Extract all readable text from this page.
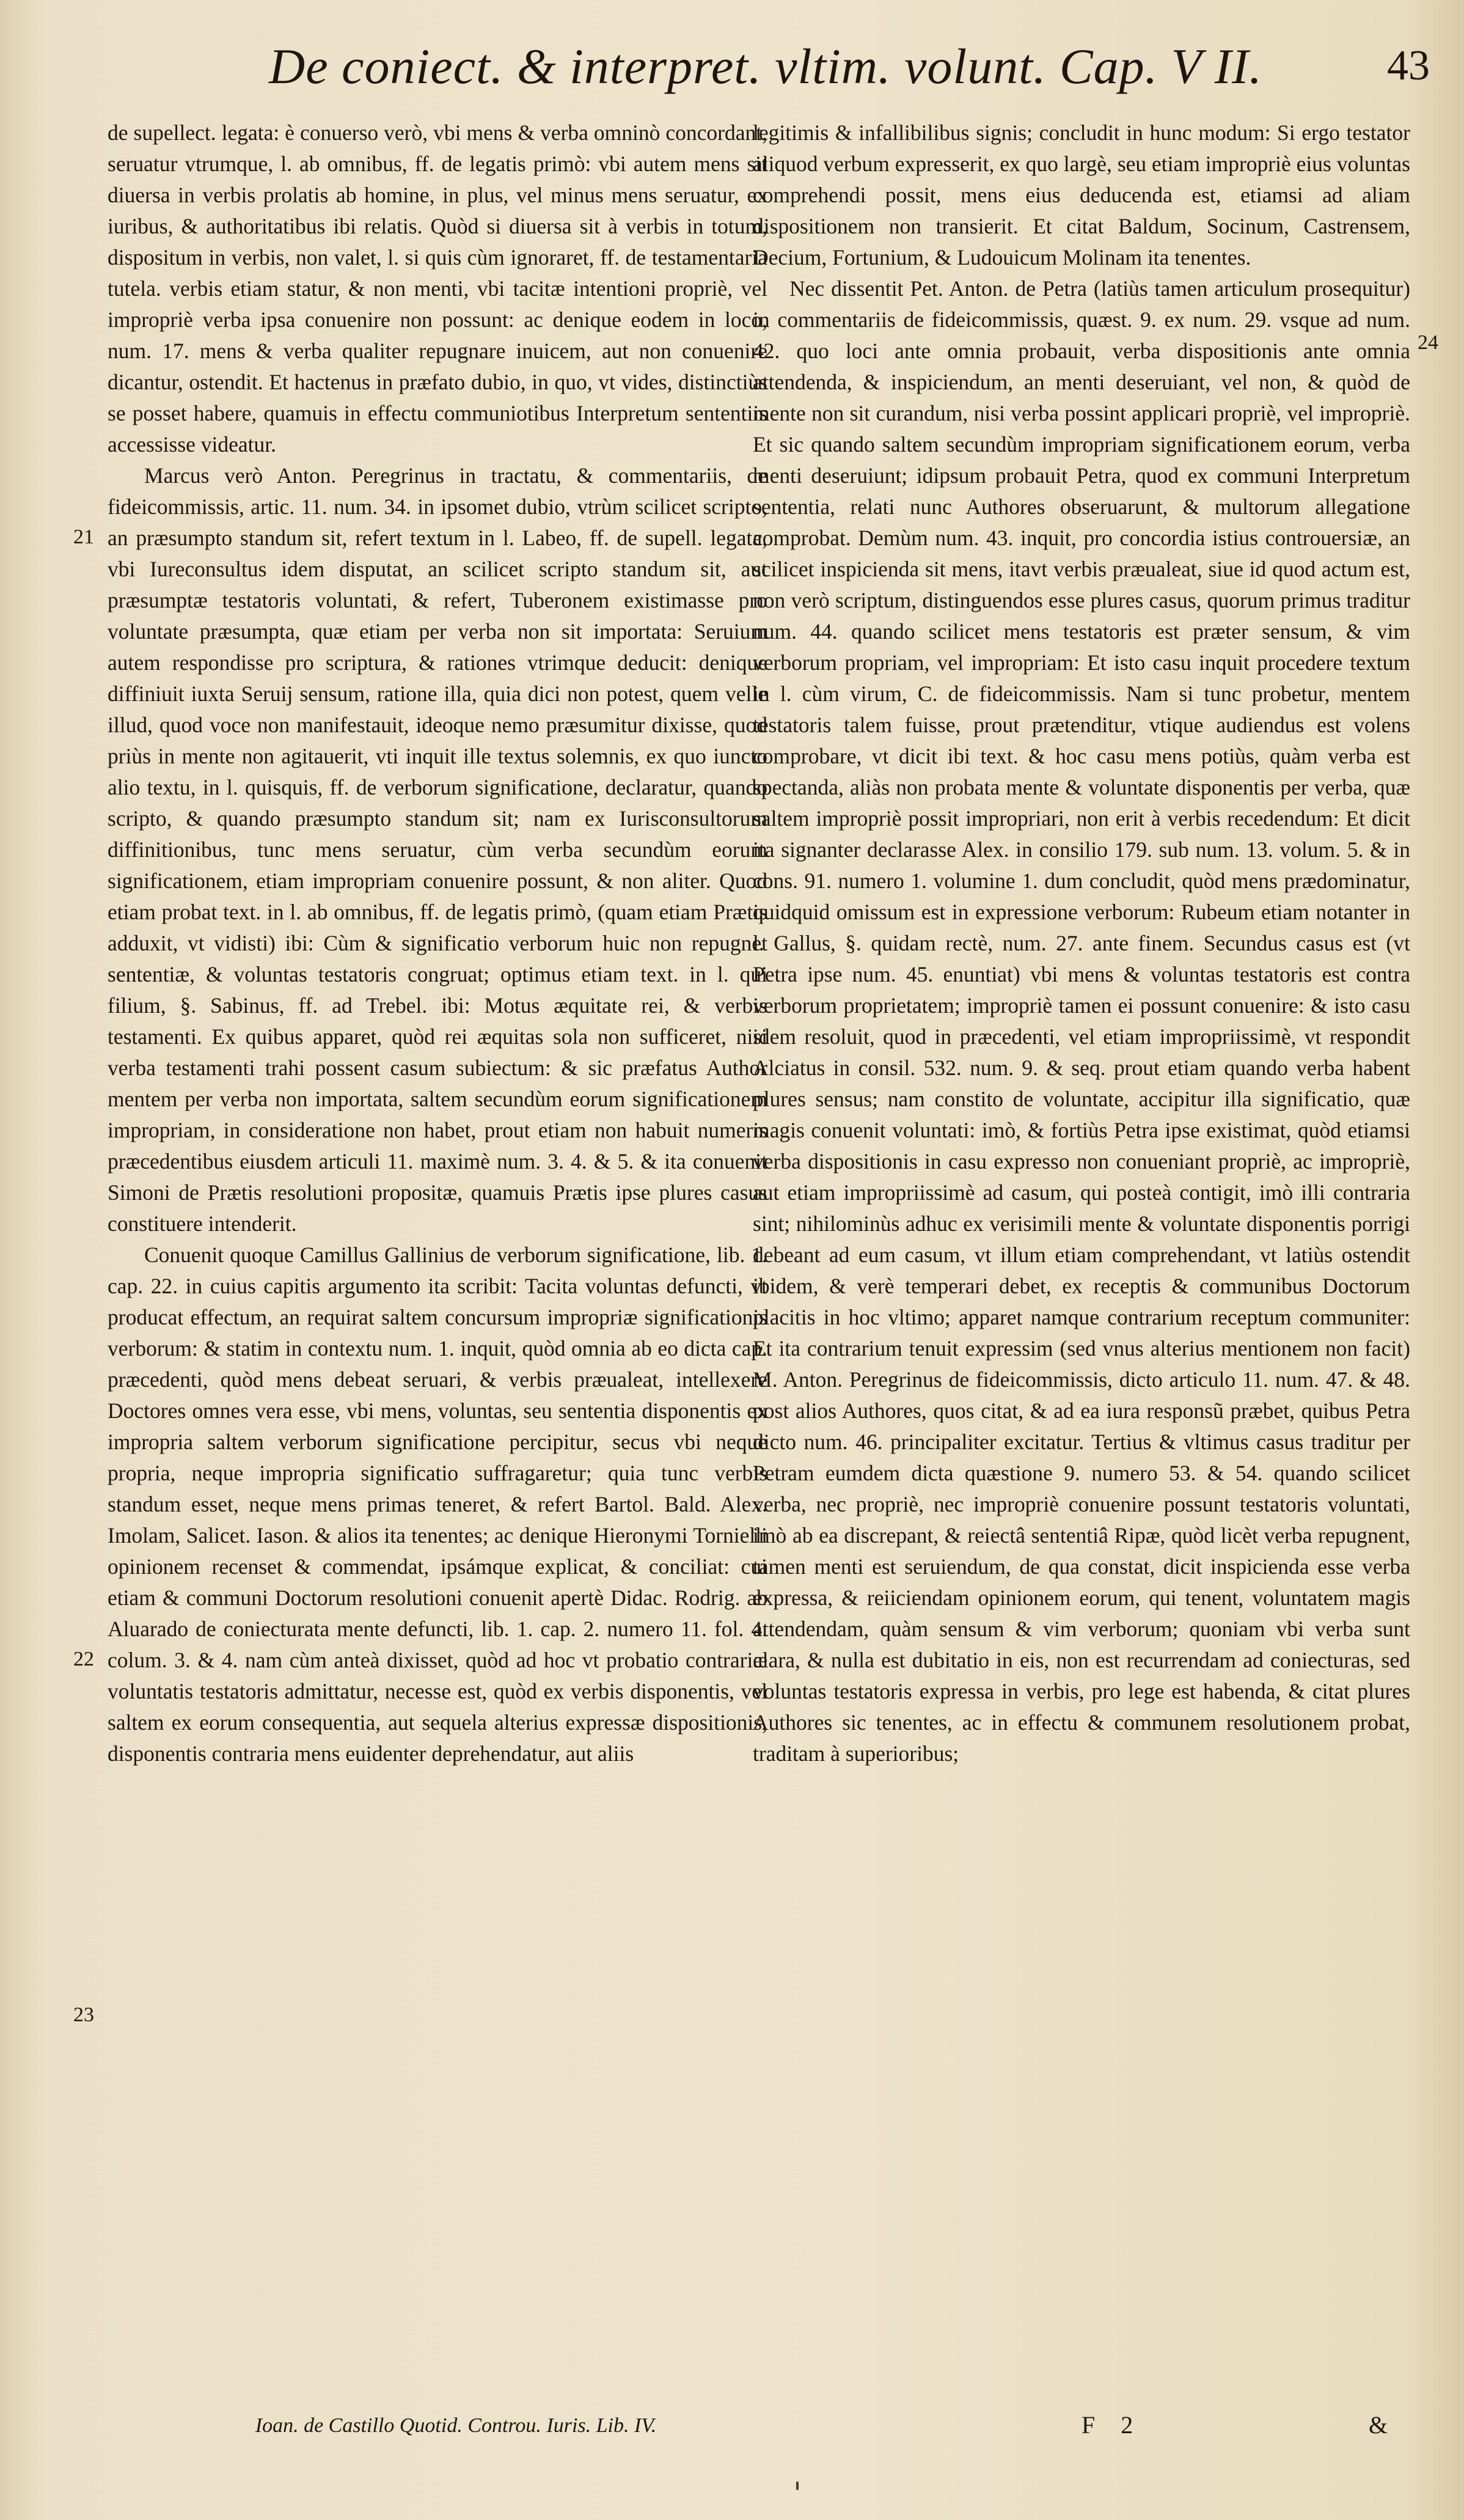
De coniect. & interpret. vltim. volunt. Cap. V II.	43
21
22
23
24

de supellect. legata: è conuerso verò, vbi mens & verba omninò concordant, seruatur vtrumque, l. ab omnibus, ff. de legatis primò: vbi autem mens sit diuersa in verbis prolatis ab homine, in plus, vel minus mens seruatur, ex iuribus, & authoritatibus ibi relatis. Quòd si diuersa sit à verbis in totum, dispositum in verbis, non valet, l. si quis cùm ignoraret, ff. de testamentaria tutela. verbis etiam statur, & non menti, vbi tacitæ intentioni propriè, vel impropriè verba ipsa conuenire non possunt: ac denique eodem in loco, num. 17. mens & verba qualiter repugnare inuicem, aut non conuenire dicantur, ostendit. Et hactenus in præfato dubio, in quo, vt vides, distinctiùs se posset habere, quamuis in effectu communiotibus Interpretum sententiis accessisse videatur.

Marcus verò Anton. Peregrinus in tractatu, & commentariis, de fideicommissis, artic. 11. num. 34. in ipsomet dubio, vtrùm scilicet scripto, an præsumpto standum sit, refert textum in l. Labeo, ff. de supell. legata, vbi Iureconsultus idem disputat, an scilicet scripto standum sit, aut præsumptæ testatoris voluntati, & refert, Tuberonem existimasse pro voluntate præsumpta, quæ etiam per verba non sit importata: Seruium autem respondisse pro scriptura, & rationes vtrimque deducit: denique diffiniuit iuxta Seruij sensum, ratione illa, quia dici non potest, quem velle illud, quod voce non manifestauit, ideoque nemo præsumitur dixisse, quod priùs in mente non agitauerit, vti inquit ille textus solemnis, ex quo iuncto alio textu, in l. quisquis, ff. de verborum significatione, declaratur, quando scripto, & quando præsumpto standum sit; nam ex Iurisconsultorum diffinitionibus, tunc mens seruatur, cùm verba secundùm eorum significationem, etiam impropriam conuenire possunt, & non aliter. Quod etiam probat text. in l. ab omnibus, ff. de legatis primò, (quam etiam Prætis adduxit, vt vidisti) ibi: Cùm & significatio verborum huic non repugnet sententiæ, & voluntas testatoris congruat; optimus etiam text. in l. qui filium, §. Sabinus, ff. ad Trebel. ibi: Motus æquitate rei, & verbis testamenti. Ex quibus apparet, quòd rei æquitas sola non sufficeret, nisi verba testamenti trahi possent casum subiectum: & sic præfatus Author mentem per verba non importata, saltem secundùm eorum significationem impropriam, in consideratione non habet, prout etiam non habuit numeris præcedentibus eiusdem articuli 11. maximè num. 3. 4. & 5. & ita conuenit Simoni de Prætis resolutioni propositæ, quamuis Prætis ipse plures casus constituere intenderit.

Conuenit quoque Camillus Gallinius de verborum significatione, lib. 1. cap. 22. in cuius capitis argumento ita scribit: Tacita voluntas defuncti, vt producat effectum, an requirat saltem concursum impropriæ significationis verborum: & statim in contextu num. 1. inquit, quòd omnia ab eo dicta cap. præcedenti, quòd mens debeat seruari, & verbis præualeat, intellexere Doctores omnes vera esse, vbi mens, voluntas, seu sententia disponentis ex impropria saltem verborum significatione percipitur, secus vbi neque propria, neque impropria significatio suffragaretur; quia tunc verbis standum esset, neque mens primas teneret, & refert Bartol. Bald. Alex. Imolam, Salicet. Iason. & alios ita tenentes; ac denique Hieronymi Tornielli opinionem recenset & commendat, ipsámque explicat, & conciliat: cui etiam & communi Doctorum resolutioni conuenit apertè Didac. Rodrig. ab Aluarado de coniecturata mente defuncti, lib. 1. cap. 2. numero 11. fol. 4. colum. 3. & 4. nam cùm anteà dixisset, quòd ad hoc vt probatio contrariæ voluntatis testatoris admittatur, necesse est, quòd ex verbis disponentis, vel saltem ex eorum consequentia, aut sequela alterius expressæ dispositionis, disponentis contraria mens euidenter deprehendatur, aut aliis

legitimis & infallibilibus signis; concludit in hunc modum: Si ergo testator aliquod verbum expresserit, ex quo largè, seu etiam impropriè eius voluntas comprehendi possit, mens eius deducenda est, etiamsi ad aliam dispositionem non transierit. Et citat Baldum, Socinum, Castrensem, Decium, Fortunium, & Ludouicum Molinam ita tenentes.

Nec dissentit Pet. Anton. de Petra (latiùs tamen articulum prosequitur) in commentariis de fideicommissis, quæst. 9. ex num. 29. vsque ad num. 42. quo loci ante omnia probauit, verba dispositionis ante omnia attendenda, & inspiciendum, an menti deseruiant, vel non, & quòd de mente non sit curandum, nisi verba possint applicari propriè, vel impropriè. Et sic quando saltem secundùm impropriam significationem eorum, verba menti deseruiunt; idipsum probauit Petra, quod ex communi Interpretum sententia, relati nunc Authores obseruarunt, & multorum allegatione comprobat. Demùm num. 43. inquit, pro concordia istius controuersiæ, an scilicet inspicienda sit mens, itavt verbis præualeat, siue id quod actum est, non verò scriptum, distinguendos esse plures casus, quorum primus traditur num. 44. quando scilicet mens testatoris est præter sensum, & vim verborum propriam, vel impropriam: Et isto casu inquit procedere textum in l. cùm virum, C. de fideicommissis. Nam si tunc probetur, mentem testatoris talem fuisse, prout prætenditur, vtique audiendus est volens comprobare, vt dicit ibi text. & hoc casu mens potiùs, quàm verba est spectanda, aliàs non probata mente & voluntate disponentis per verba, quæ saltem impropriè possit impropriari, non erit à verbis recedendum: Et dicit ita signanter declarasse Alex. in consilio 179. sub num. 13. volum. 5. & in cons. 91. numero 1. volumine 1. dum concludit, quòd mens prædominatur, quidquid omissum est in expressione verborum: Rubeum etiam notanter in l. Gallus, §. quidam rectè, num. 27. ante finem. Secundus casus est (vt Petra ipse num. 45. enuntiat) vbi mens & voluntas testatoris est contra verborum proprietatem; impropriè tamen ei possunt conuenire: & isto casu idem resoluit, quod in præcedenti, vel etiam impropriissimè, vt respondit Alciatus in consil. 532. num. 9. & seq. prout etiam quando verba habent plures sensus; nam constito de voluntate, accipitur illa significatio, quæ magis conuenit voluntati: imò, & fortiùs Petra ipse existimat, quòd etiamsi verba dispositionis in casu expresso non conueniant propriè, ac impropriè, aut etiam impropriissimè ad casum, qui posteà contigit, imò illi contraria sint; nihilominùs adhuc ex verisimili mente & voluntate disponentis porrigi debeant ad eum casum, vt illum etiam comprehendant, vt latiùs ostendit ibidem, & verè temperari debet, ex receptis & communibus Doctorum placitis in hoc vltimo; apparet namque contrarium receptum communiter: Et ita contrarium tenuit expressim (sed vnus alterius mentionem non facit) M. Anton. Peregrinus de fideicommissis, dicto articulo 11. num. 47. & 48. post alios Authores, quos citat, & ad ea iura responsũ præbet, quibus Petra dicto num. 46. principaliter excitatur. Tertius & vltimus casus traditur per Petram eumdem dicta quæstione 9. numero 53. & 54. quando scilicet verba, nec propriè, nec impropriè conuenire possunt testatoris voluntati, imò ab ea discrepant, & reiectâ sententiâ Ripæ, quòd licèt verba repugnent, tamen menti est seruiendum, de qua constat, dicit inspicienda esse verba expressa, & reiiciendam opinionem eorum, qui tenent, voluntatem magis attendendam, quàm sensum & vim verborum; quoniam vbi verba sunt clara, & nulla est dubitatio in eis, non est recurrendam ad coniecturas, sed voluntas testatoris expressa in verbis, pro lege est habenda, & citat plures Authores sic tenentes, ac in effectu & communem resolutionem probat, traditam à superioribus;

Ioan. de Castillo Quotid. Controu. Iuris. Lib. IV.	F 2	&
